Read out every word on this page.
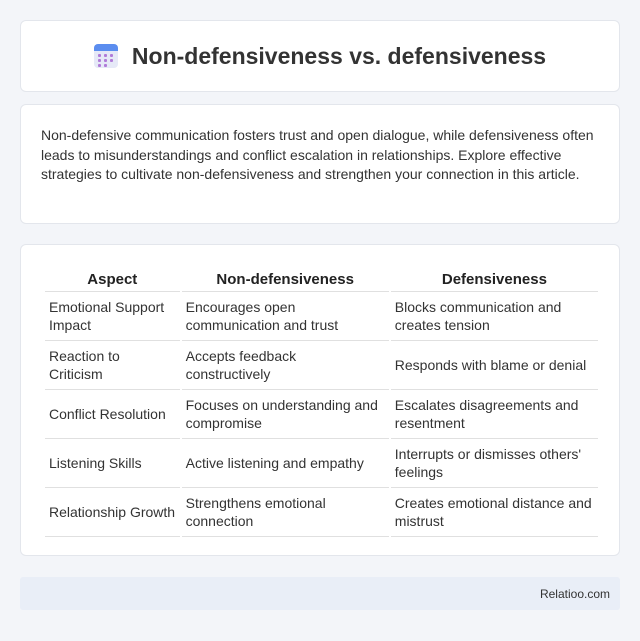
Non-defensiveness vs. defensiveness

Non-defensive communication fosters trust and open dialogue, while defensiveness often leads to misunderstandings and conflict escalation in relationships. Explore effective strategies to cultivate non-defensiveness and strengthen your connection in this article.

Aspect	Non-defensiveness	Defensiveness
Emotional Support Impact	Encourages open communication and trust	Blocks communication and creates tension
Reaction to Criticism	Accepts feedback constructively	Responds with blame or denial
Conflict Resolution	Focuses on understanding and compromise	Escalates disagreements and resentment
Listening Skills	Active listening and empathy	Interrupts or dismisses others' feelings
Relationship Growth	Strengthens emotional connection	Creates emotional distance and mistrust
Relatioo.com
